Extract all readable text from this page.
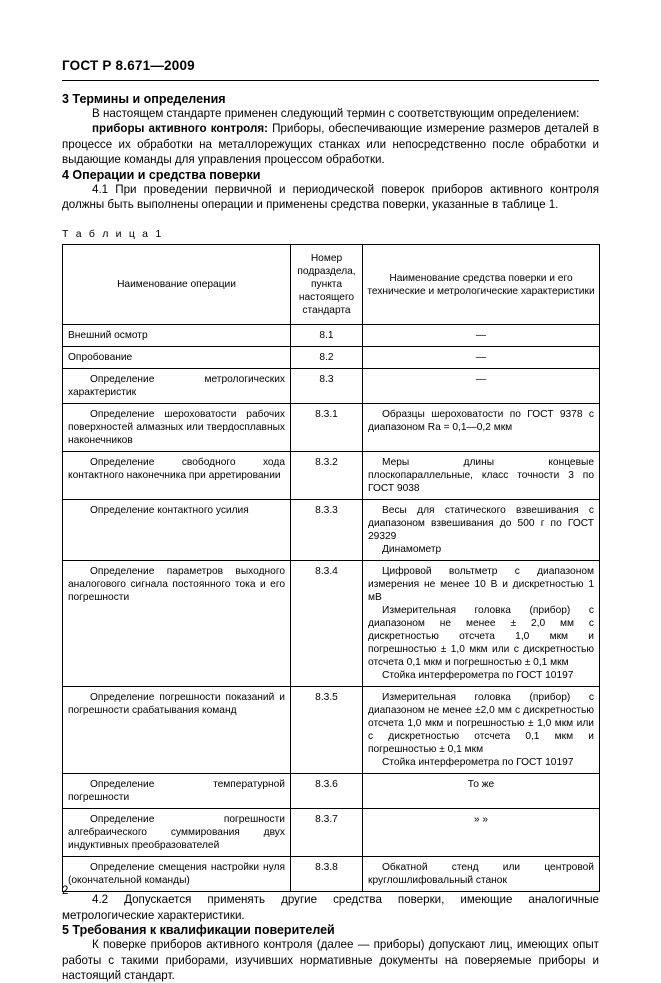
ГОСТ Р 8.671—2009
3 Термины и определения

В настоящем стандарте применен следующий термин с соответствующим определением:

приборы активного контроля: Приборы, обеспечивающие измерение размеров деталей в процессе их обработки на металлорежущих станках или непосредственно после обработки и выдающие команды для управления процессом обработки.

4 Операции и средства поверки

4.1 При проведении первичной и периодической поверок приборов активного контроля должны быть выполнены операции и применены средства поверки, указанные в таблице 1.

Т а б л и ц а 1
Наименование операции	Номер подраздела, пункта настоящего стандарта	Наименование средства поверки и его технические и метрологические характеристики
Внешний осмотр	8.1	—

Опробование	8.2	—

Определение метрологических характеристик	8.3	—

Определение шероховатости рабочих поверхностей алмазных или твердосплавных наконечников	8.3.1	Образцы шероховатости по ГОСТ 9378 с диапазоном Ra = 0,1—0,2 мкм

Определение свободного хода контактного наконечника при арретировании	8.3.2	Меры длины концевые плоскопараллельные, класс точности 3 по ГОСТ 9038

Определение контактного усилия	8.3.3	Весы для статического взвешивания с диапазоном взвешивания до 500 г по ГОСТ 29329
Динамометр

Определение параметров выходного аналогового сигнала постоянного тока и его погрешности	8.3.4	Цифровой вольтметр с диапазоном измерения не менее 10 В и дискретностью 1 мВ
Измерительная головка (прибор) с диапазоном не менее ± 2,0 мм с дискретностью отсчета 1,0 мкм и погрешностью ± 1,0 мкм или с дискретностью отсчета 0,1 мкм и погрешностью ± 0,1 мкм
Стойка интерферометра по ГОСТ 10197

Определение погрешности показаний и погрешности срабатывания команд	8.3.5	Измерительная головка (прибор) с диапазоном не менее ±2,0 мм с дискретностью отсчета 1,0 мкм и погрешностью ± 1,0 мкм или с дискретностью отсчета 0,1 мкм и погрешностью ± 0,1 мкм
Стойка интерферометра по ГОСТ 10197

Определение температурной погрешности	8.3.6	То же

Определение погрешности алгебраического суммирования двух индуктивных преобразователей	8.3.7	» »

Определение смещения настройки нуля (окончательной команды)	8.3.8	Обкатной стенд или центровой круглошлифовальный станок

4.2 Допускается применять другие средства поверки, имеющие аналогичные метрологические характеристики.

5 Требования к квалификации поверителей

К поверке приборов активного контроля (далее — приборы) допускают лиц, имеющих опыт работы с такими приборами, изучивших нормативные документы на поверяемые приборы и настоящий стандарт.

2
